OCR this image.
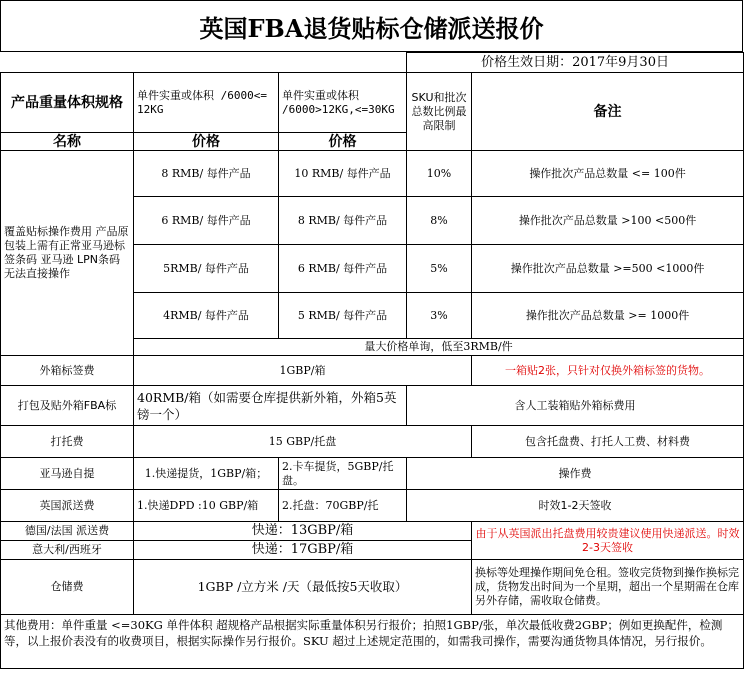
英国FBA退货贴标仓储派送报价
			价格生效日期：2017年9月30日	
产品重量体积规格	单件实重或体积 /6000<= 12KG	单件实重或体积 /6000>12KG,<=30KG	SKU和批次总数比例最高限制	备注
名称	价格	价格		
覆盖贴标操作费用 产品原包装上需有正常亚马逊标签条码 亚马逊 LPN条码无法直接操作	8 RMB/ 每件产品	10 RMB/ 每件产品	10%	操作批次产品总数量 <= 100件
	6 RMB/ 每件产品	8 RMB/ 每件产品	8%	操作批次产品总数量 >100 <500件
	5RMB/ 每件产品	6 RMB/ 每件产品	5%	操作批次产品总数量 >=500 <1000件
	4RMB/ 每件产品	5 RMB/ 每件产品	3%	操作批次产品总数量 >= 1000件
	量大价格单询，低至3RMB/件			
外箱标签费	1GBP/箱			一箱贴2张，只针对仅换外箱标签的货物。
打包及贴外箱FBA标	40RMB/箱（如需要仓库提供新外箱，外箱5英镑一个）		含人工装箱贴外箱标费用	
打托费	15 GBP/托盘			包含托盘费、打托人工费、材料费
亚马逊自提	1.快递提货，1GBP/箱；	2.卡车提货，5GBP/托盘。	操作费	
英国派送费	1.快递DPD :10 GBP/箱	2.托盘：70GBP/托	时效1-2天签收	
德国/法国 派送费	快递：13GBP/箱			由于从英国派出托盘费用较贵建议使用快递派送。时效2-3天签收
意大利/西班牙	快递：17GBP/箱			
仓储费	1GBP /立方米 /天（最低按5天收取）			换标等处理操作期间免仓租。签收完货物到操作换标完成，货物发出时间为一个星期，超出一个星期需在仓库另外存储，需收取仓储费。
其他费用：单件重量 <=30KG 单件体积 超规格产品根据实际重量体积另行报价；拍照1GBP/张，单次最低收费2GBP；例如更换配件，检测等，以上报价表没有的收费项目，根据实际操作另行报价。SKU 超过上述规定范围的，如需我司操作，需要沟通货物具体情况，另行报价。				
